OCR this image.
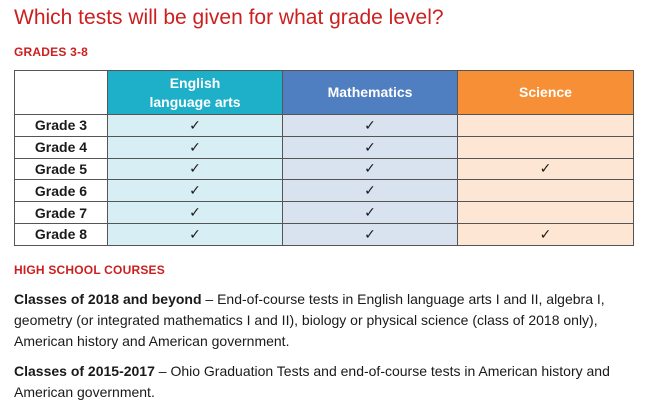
Which tests will be given for what grade level?
GRADES 3-8
	English
language arts	Mathematics	Science
Grade 3	✓	✓	
Grade 4	✓	✓	
Grade 5	✓	✓	✓
Grade 6	✓	✓	
Grade 7	✓	✓	
Grade 8	✓	✓	✓
HIGH SCHOOL COURSES
Classes of 2018 and beyond – End-of-course tests in English language arts I and II, algebra I, geometry (or integrated mathematics I and II), biology or physical science (class of 2018 only), American history and American government.
Classes of 2015-2017 – Ohio Graduation Tests and end-of-course tests in American history and American government.
